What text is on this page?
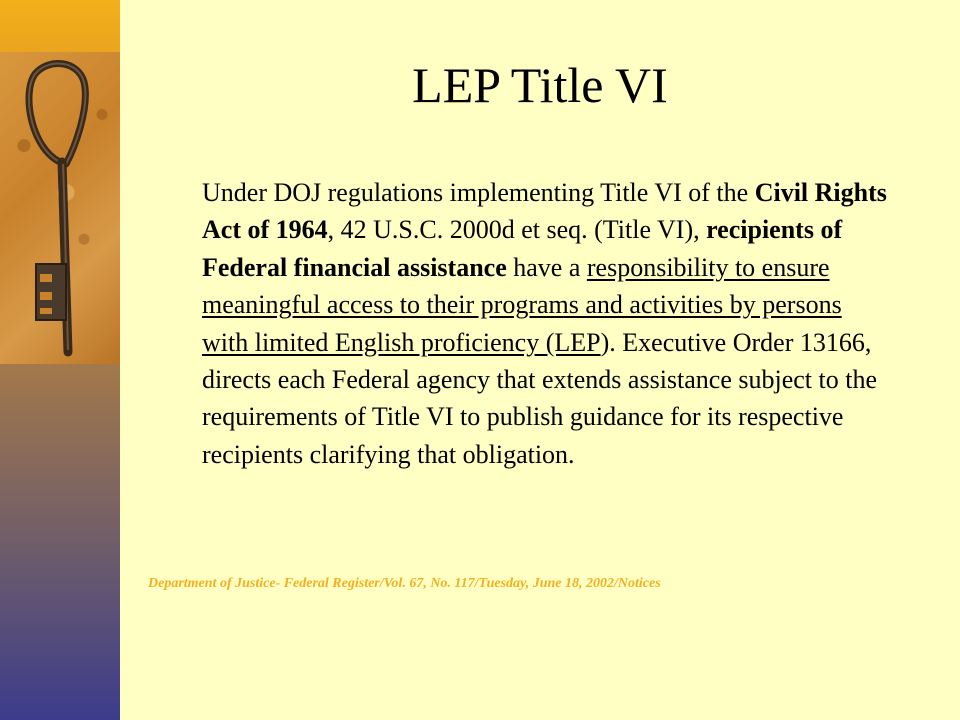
LEP Title VI
Under DOJ regulations implementing Title VI of the Civil Rights Act of 1964, 42 U.S.C. 2000d et seq. (Title VI), recipients of Federal financial assistance have a responsibility to ensure meaningful access to their programs and activities by persons with limited English proficiency (LEP). Executive Order 13166, directs each Federal agency that extends assistance subject to the requirements of Title VI to publish guidance for its respective recipients clarifying that obligation.
Department of Justice- Federal Register/Vol. 67, No. 117/Tuesday, June 18, 2002/Notices
